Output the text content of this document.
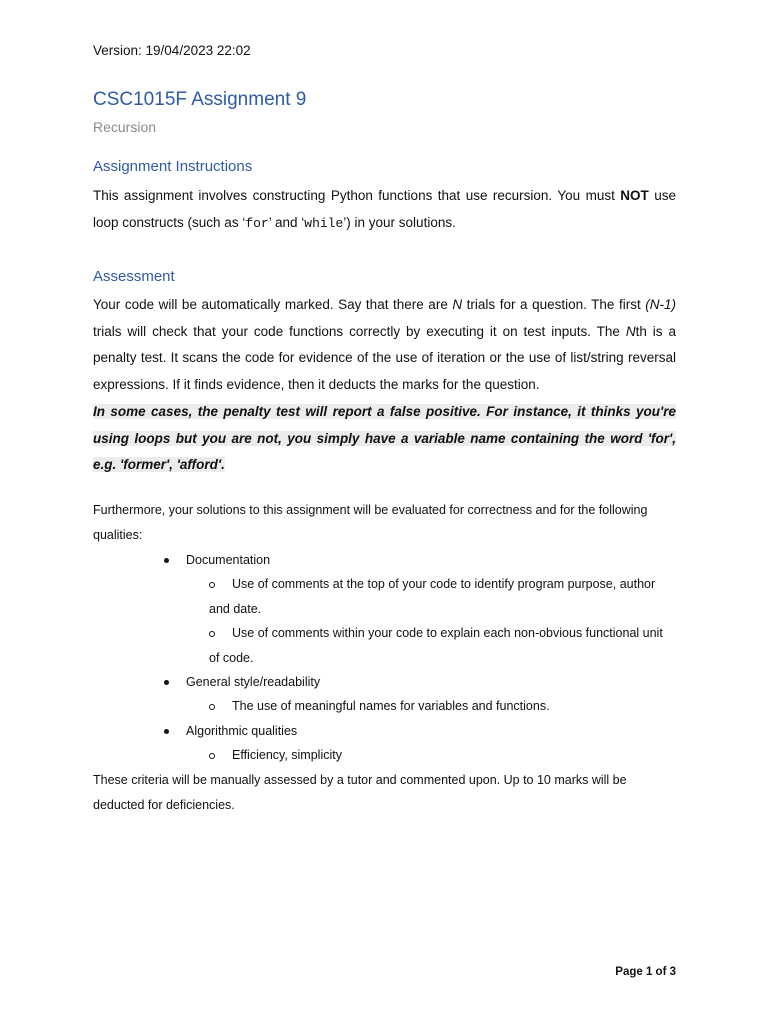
Version: 19/04/2023 22:02
CSC1015F Assignment 9
Recursion
Assignment Instructions
This assignment involves constructing Python functions that use recursion. You must NOT use loop constructs (such as ‘for’ and ‘while’) in your solutions.
Assessment
Your code will be automatically marked. Say that there are N trials for a question. The first (N-1) trials will check that your code functions correctly by executing it on test inputs. The Nth is a penalty test. It scans the code for evidence of the use of iteration or the use of list/string reversal expressions. If it finds evidence, then it deducts the marks for the question.
In some cases, the penalty test will report a false positive. For instance, it thinks you're using loops but you are not, you simply have a variable name containing the word 'for', e.g. 'former', 'afford'.
Furthermore, your solutions to this assignment will be evaluated for correctness and for the following qualities:
Documentation
Use of comments at the top of your code to identify program purpose, author and date.
Use of comments within your code to explain each non-obvious functional unit of code.
General style/readability
The use of meaningful names for variables and functions.
Algorithmic qualities
Efficiency, simplicity
These criteria will be manually assessed by a tutor and commented upon. Up to 10 marks will be deducted for deficiencies.
Page 1 of 3
